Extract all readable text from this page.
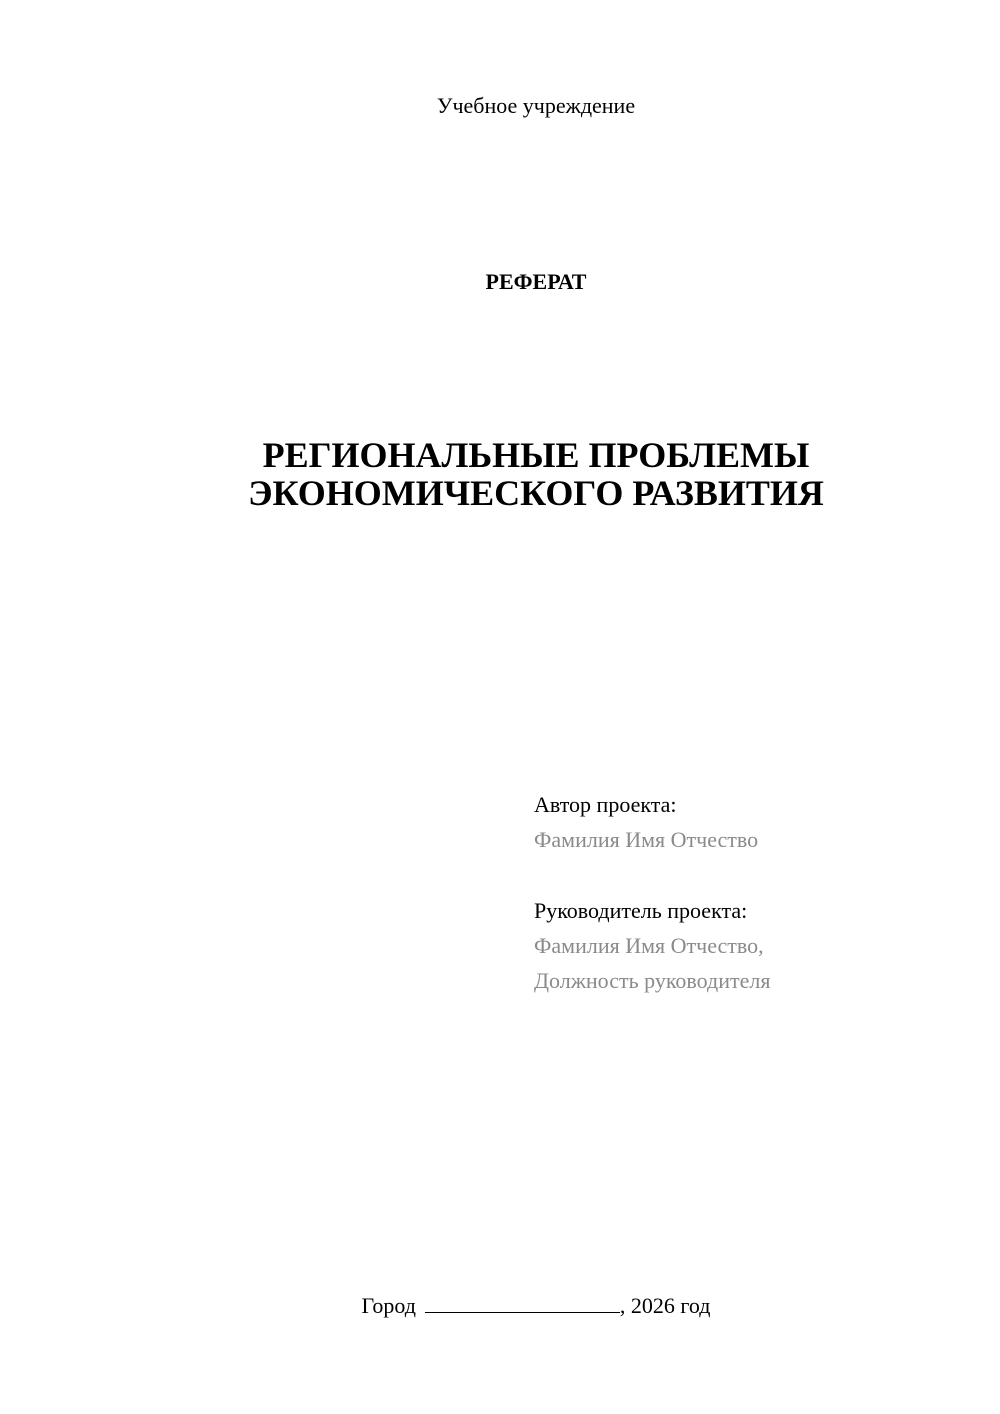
Учебное учреждение
РЕФЕРАТ
РЕГИОНАЛЬНЫЕ ПРОБЛЕМЫ
ЭКОНОМИЧЕСКОГО РАЗВИТИЯ
Автор проекта:
Фамилия Имя Отчество
Руководитель проекта:
Фамилия Имя Отчество,
Должность руководителя
Город	, 2026 год
